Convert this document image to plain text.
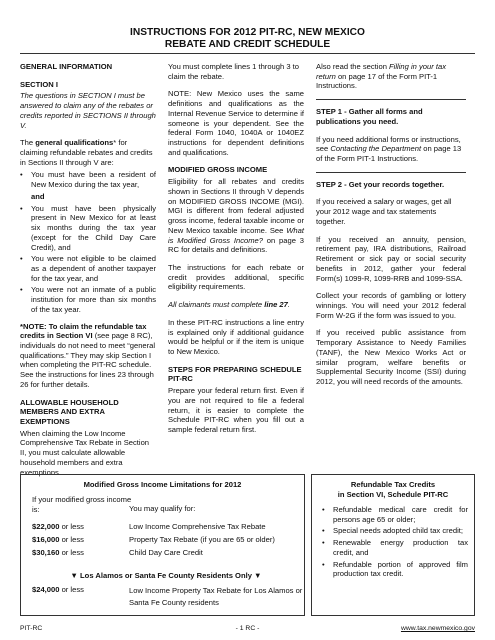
INSTRUCTIONS FOR 2012 PIT-RC, NEW MEXICO
REBATE AND CREDIT SCHEDULE

GENERAL INFORMATION

SECTION I

The questions in SECTION I must be answered to claim any of the rebates or credits reported in SECTIONS II through V.

The general qualifications* for claiming refundable rebates and credits in Sections II through V are:

• You must have been a resident of New Mexico during the tax year,
and
• You must have been physically present in New Mexico for at least six months during the tax year (except for the Child Day Care Credit), and
• You were not eligible to be claimed as a dependent of another taxpayer for the tax year, and
• You were not an inmate of a public institution for more than six months of the tax year.

*NOTE: To claim the refundable tax credits in Section VI (see page 8 RC), individuals do not need to meet “general qualifications.” They may skip Section I when completing the PIT-RC schedule. See the instructions for lines 23 through 26 for further details.

ALLOWABLE HOUSEHOLD MEMBERS AND EXTRA EXEMPTIONS

When claiming the Low Income Comprehensive Tax Rebate in Section II, you must calculate allowable household members and extra exemptions.

You must complete lines 1 through 3 to claim the rebate.

NOTE: New Mexico uses the same definitions and qualifications as the Internal Revenue Service to determine if someone is your dependent. See the federal Form 1040, 1040A or 1040EZ instructions for dependent definitions and qualifications.

MODIFIED GROSS INCOME

Eligibility for all rebates and credits shown in Sections II through V depends on MODIFIED GROSS INCOME (MGI). MGI is different from federal adjusted gross income, federal taxable income or New Mexico taxable income. See What is Modified Gross Income? on page 3 RC for details and definitions.

The instructions for each rebate or credit provides additional, specific eligibility requirements.

All claimants must complete line 27.

In these PIT-RC instructions a line entry is explained only if additional guidance would be helpful or if the item is unique to New Mexico.

STEPS FOR PREPARING SCHEDULE PIT-RC

Prepare your federal return first. Even if you are not required to file a federal return, it is easier to complete the Schedule PIT-RC when you fill out a sample federal return first.

Also read the section Filling in your tax return on page 17 of the Form PIT-1 Instructions.

STEP 1 - Gather all forms and publications you need.

If you need additional forms or instructions, see Contacting the Department on page 13 of the Form PIT-1 Instructions.

STEP 2 - Get your records together.

If you received a salary or wages, get all your 2012 wage and tax statements together.

If you received an annuity, pension, retirement pay, IRA distributions, Railroad Retirement or sick pay or social security benefits in 2012, gather your federal Form(s) 1099-R, 1099-RRB and 1099-SSA.

Collect your records of gambling or lottery winnings. You will need your 2012 federal Form W-2G if the form was issued to you.

If you received public assistance from Temporary Assistance to Needy Families (TANF), the New Mexico Works Act or similar program, welfare benefits or Supplemental Security Income (SSI) during 2012, you will need records of the amounts.

Modified Gross Income Limitations for 2012
If your modified gross income is:	You may qualify for:
$22,000 or less	Low Income Comprehensive Tax Rebate
$16,000 or less	Property Tax Rebate (if you are 65 or older)
$30,160 or less	Child Day Care Credit
▼ Los Alamos or Santa Fe County Residents Only ▼
$24,000 or less	Low Income Property Tax Rebate for Los Alamos or Santa Fe County residents
Refundable Tax Credits
in Section VI, Schedule PIT-RC
• Refundable medical care credit for persons age 65 or older;
• Special needs adopted child tax credit;
• Renewable energy production tax credit, and
• Refundable portion of approved film production tax credit.
PIT-RC	- 1 RC -	www.tax.newmexico.gov
